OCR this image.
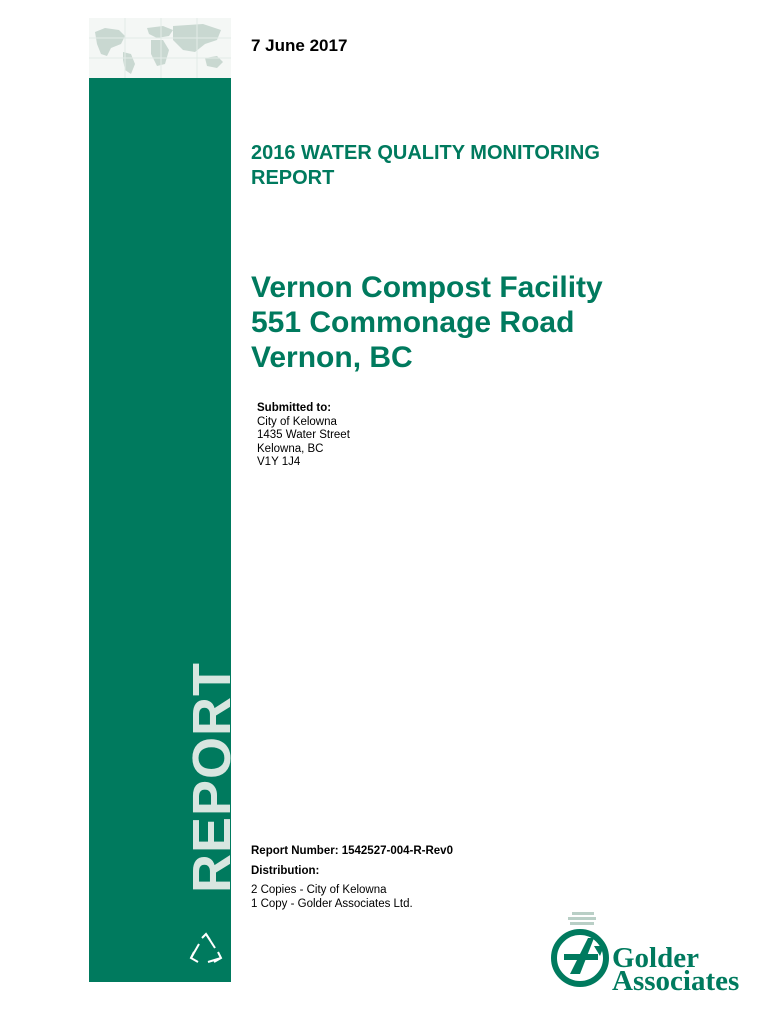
REPORT
7 June 2017
2016 WATER QUALITY MONITORING
REPORT
Vernon Compost Facility
551 Commonage Road
Vernon, BC
Submitted to:
City of Kelowna
1435 Water Street
Kelowna, BC
V1Y 1J4
Report Number: 1542527-004-R-Rev0
Distribution:
2 Copies - City of Kelowna
1 Copy - Golder Associates Ltd.
Golder
Associates
